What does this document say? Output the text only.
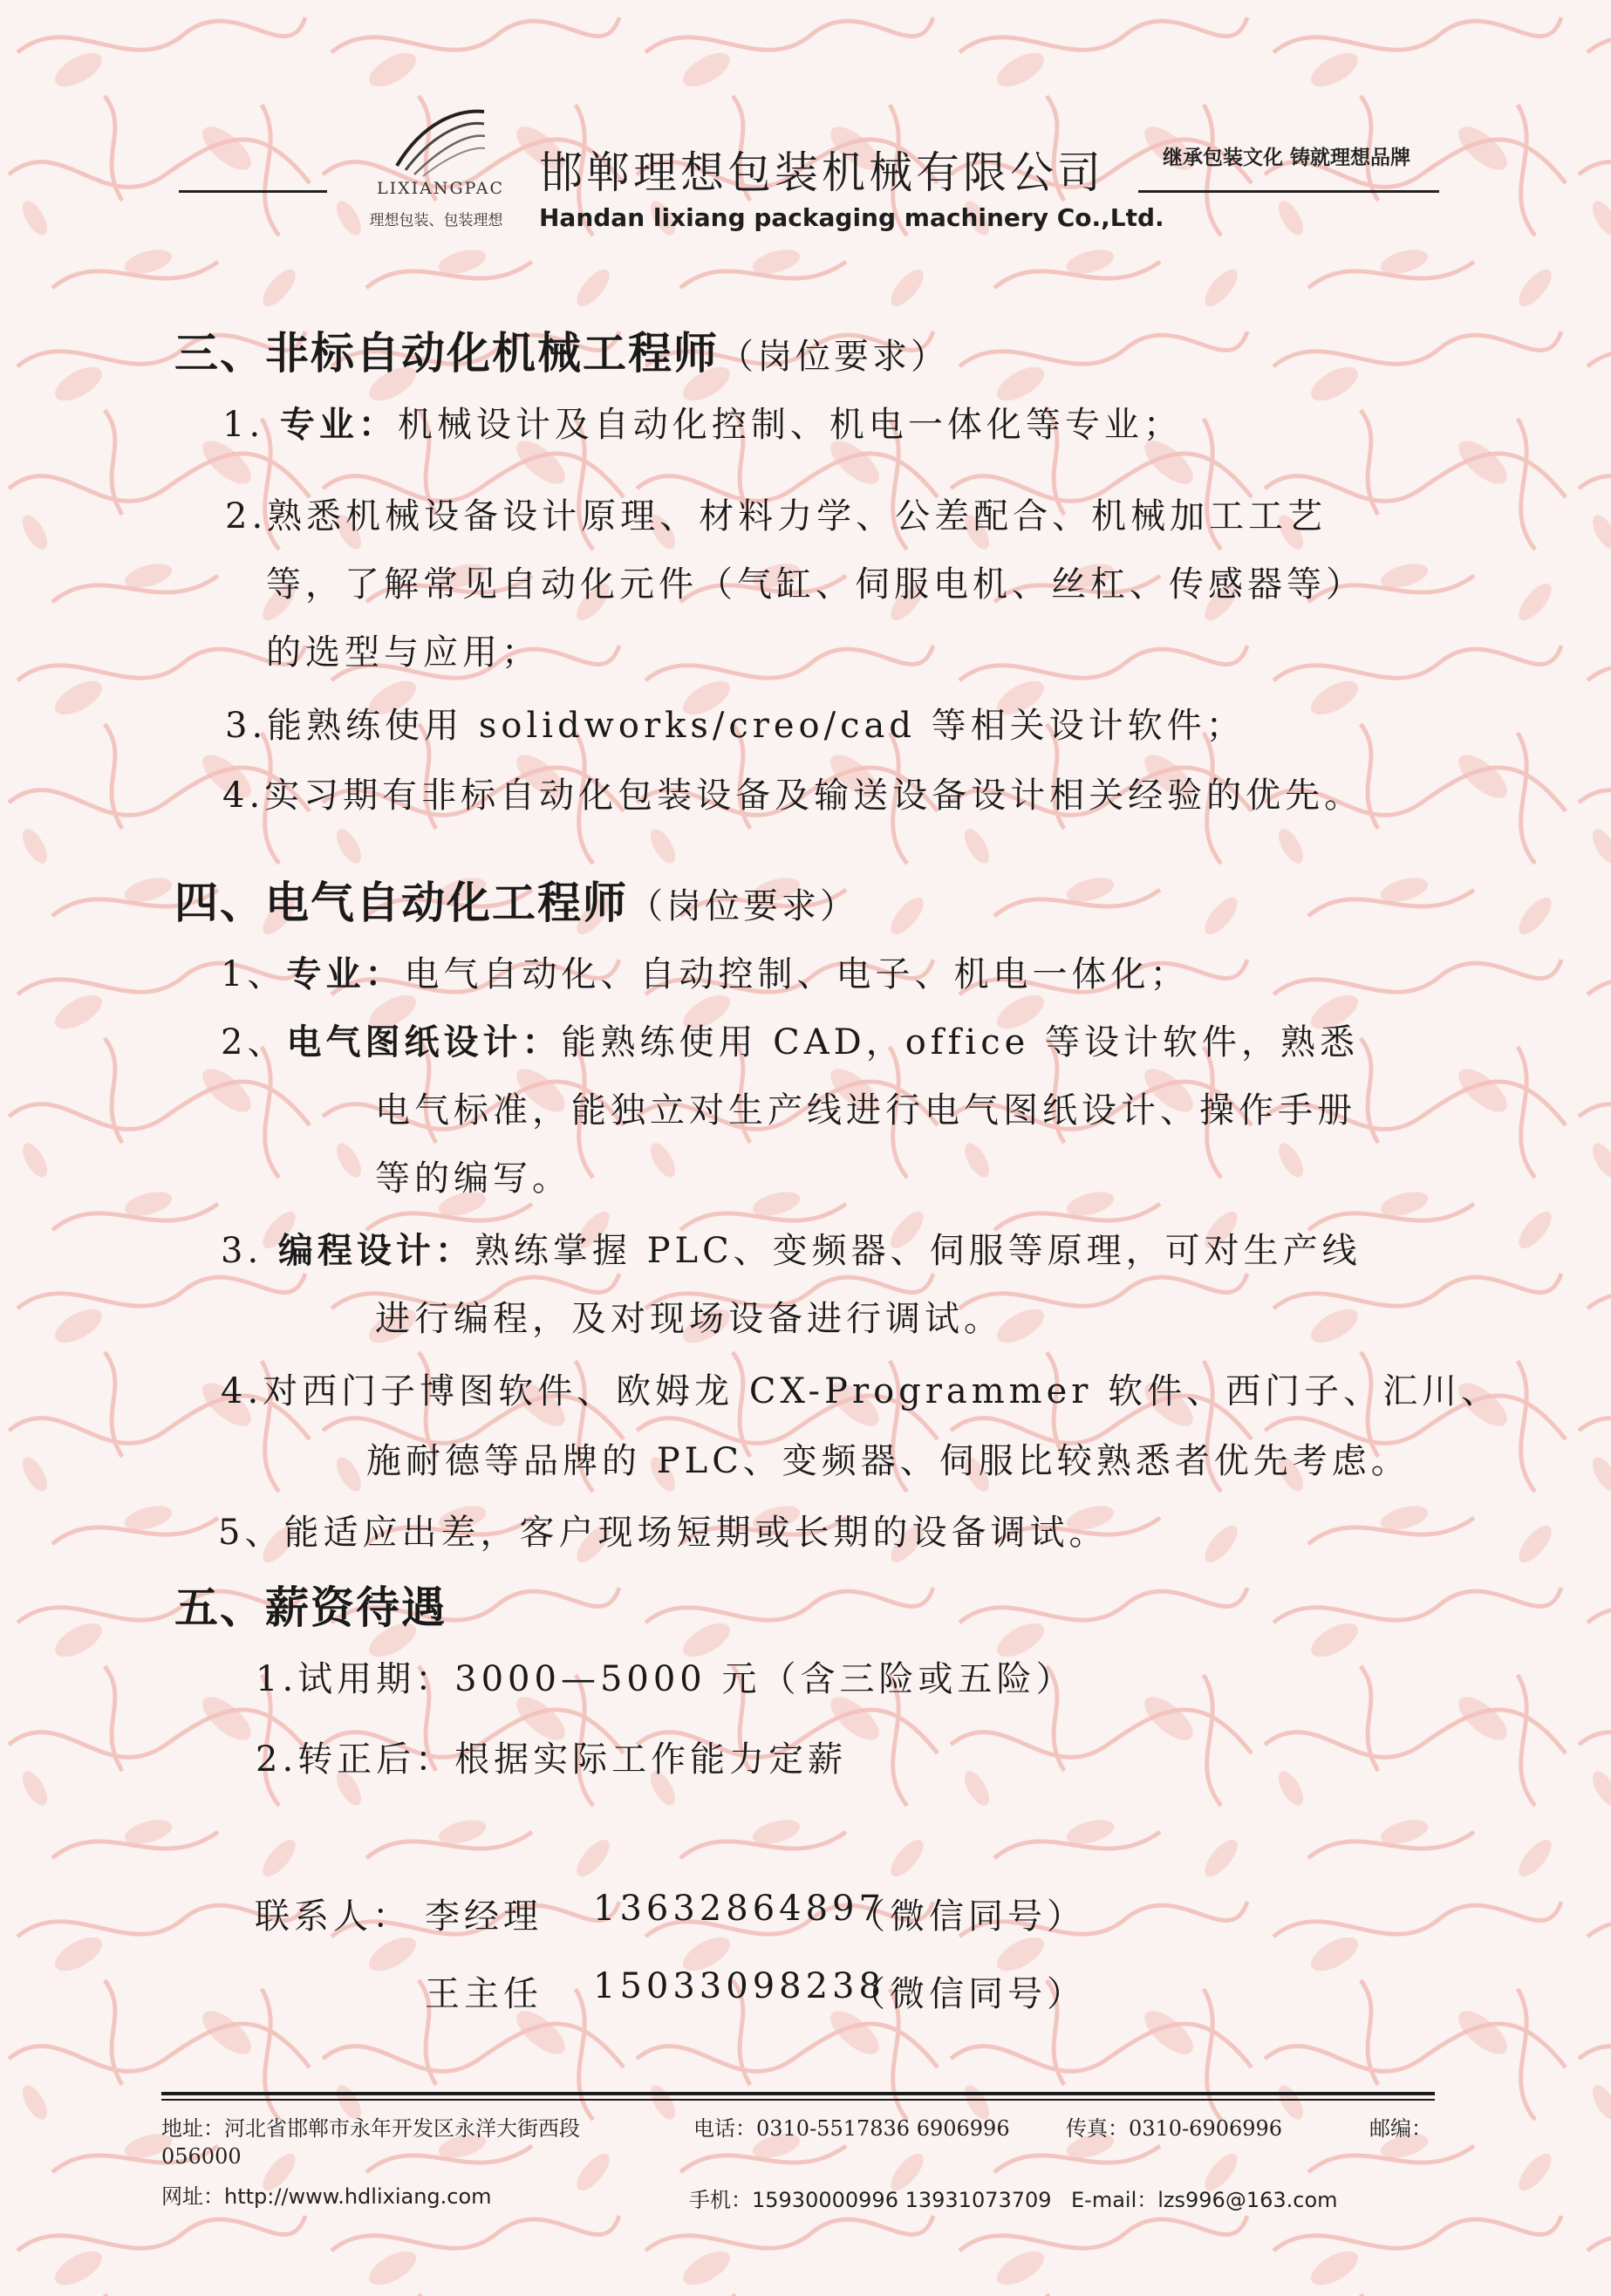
LIXIANGPAC
理想包装、包装理想
邯郸理想包装机械有限公司
Handan lixiang packaging machinery Co.,Ltd.
继承包装文化 铸就理想品牌
三、非标自动化机械工程师（岗位要求）
1. 专业：机械设计及自动化控制、机电一体化等专业；
2.熟悉机械设备设计原理、材料力学、公差配合、机械加工工艺
等，了解常见自动化元件（气缸、伺服电机、丝杠、传感器等）
的选型与应用；
3.能熟练使用 solidworks/creo/cad 等相关设计软件；
4.实习期有非标自动化包装设备及输送设备设计相关经验的优先。
四、电气自动化工程师（岗位要求）
1、专业：电气自动化、自动控制、电子、机电一体化；
2、电气图纸设计：能熟练使用 CAD，office 等设计软件，熟悉
电气标准，能独立对生产线进行电气图纸设计、操作手册
等的编写。
3. 编程设计：熟练掌握 PLC、变频器、伺服等原理，可对生产线
进行编程，及对现场设备进行调试。
4.对西门子博图软件、欧姆龙 CX-Programmer 软件、西门子、汇川、
施耐德等品牌的 PLC、变频器、伺服比较熟悉者优先考虑。
5、能适应出差，客户现场短期或长期的设备调试。
五、薪资待遇
1.试用期：3000—5000 元（含三险或五险）
2.转正后：根据实际工作能力定薪
联系人： 李经理 13632864897
（微信同号）
王主任 15033098238
（微信同号）
地址：河北省邯郸市永年开发区永洋大街西段	电话：0310-5517836 6906996	传真：0310-6906996	邮编：
056000
网址：http://www.hdlixiang.com	手机：15930000996 13931073709 E-mail：lzs996@163.com
